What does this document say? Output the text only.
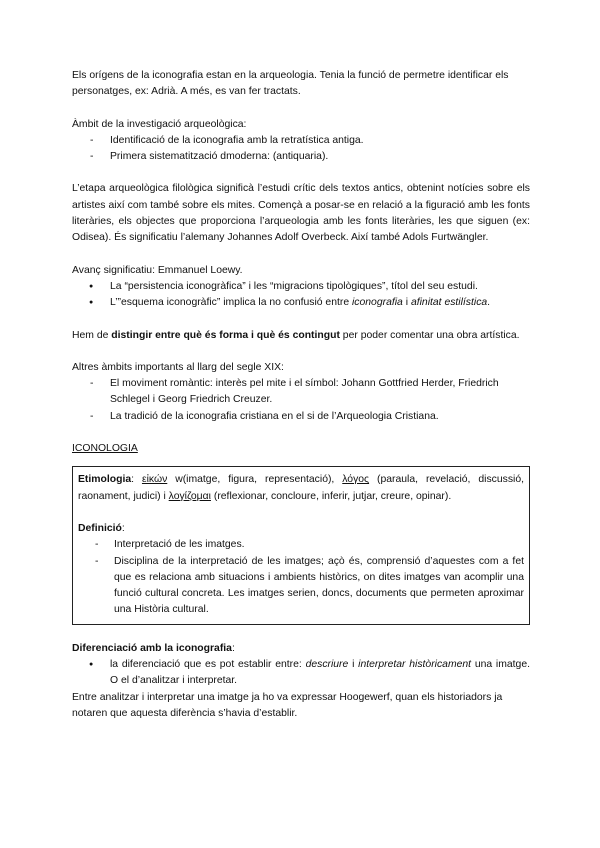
Els orígens de la iconografia estan en la arqueologia. Tenia la funció de permetre identificar els personatges, ex: Adrià. A més, es van fer tractats.

Àmbit de la investigació arqueològica:

- Identificació de la iconografia amb la retratística antiga.
- Primera sistematització dmoderna: (antiquaria).

L’etapa arqueològica filològica significà l’estudi crític dels textos antics, obtenint notícies sobre els artistes així com també sobre els mites. Començà a posar-se en relació a la figuració amb les fonts literàries, els objectes que proporciona l’arqueologia amb les fonts literàries, les que siguen (ex: Odisea). És significatiu l’alemany Johannes Adolf Overbeck. Així també Adols Furtwängler.

Avanç significatiu: Emmanuel Loewy.

● La “persistencia iconogràfica” i les “migracions tipològiques”, títol del seu estudi.
● L’”esquema iconogràfic” implica la no confusió entre iconografia i afinitat estilística.

Hem de distingir entre què és forma i què és contingut per poder comentar una obra artística.

Altres àmbits importants al llarg del segle XIX:

- El moviment romàntic: interès pel mite i el símbol: Johann Gottfried Herder, Friedrich Schlegel i Georg Friedrich Creuzer.
- La tradició de la iconografia cristiana en el si de l’Arqueologia Cristiana.

ICONOLOGIA

Etimologia: εἰκών w(imatge, figura, representació), λόγος (paraula, revelació, discussió, raonament, judici) i λογίζομαι (reflexionar, concloure, inferir, jutjar, creure, opinar).

Definició:

- Interpretació de les imatges.
- Disciplina de la interpretació de les imatges; açò és, comprensió d’aquestes com a fet que es relaciona amb situacions i ambients històrics, on dites imatges van acomplir una funció cultural concreta. Les imatges serien, doncs, documents que permeten aproximar una Història cultural.

Diferenciació amb la iconografia:

● la diferenciació que es pot establir entre: descriure i interpretar històricament una imatge. O el d’analitzar i interpretar.

Entre analitzar i interpretar una imatge ja ho va expressar Hoogewerf, quan els historiadors ja notaren que aquesta diferència s’havia d’establir.
